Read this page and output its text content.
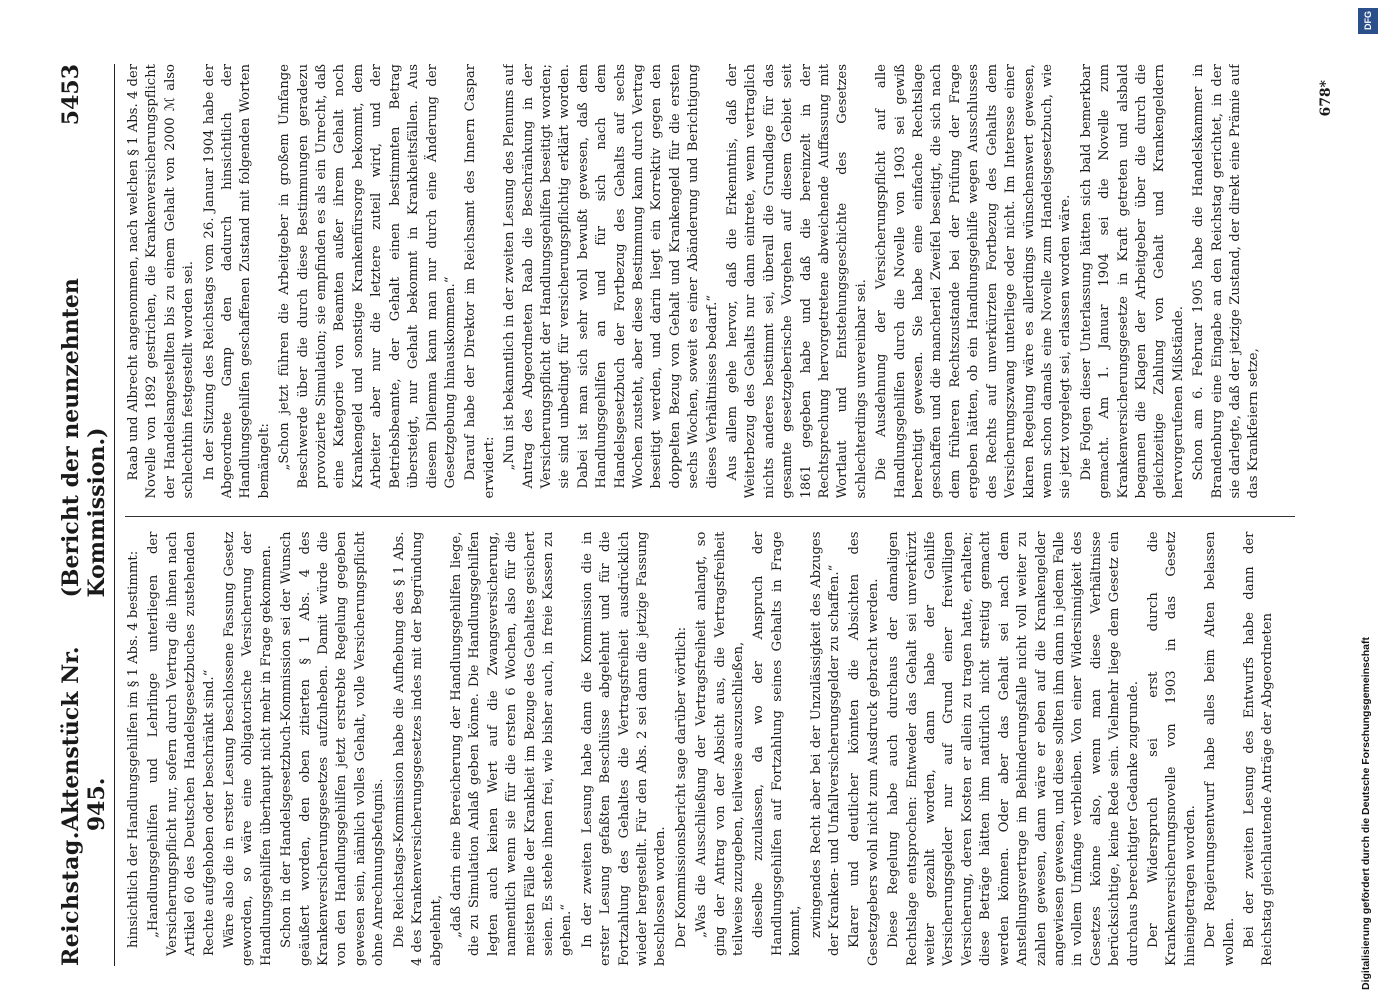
Reichstag.
Aktenstück Nr. 945.
(Bericht der neunzehnten Kommission.)
5453

hinsichtlich der Handlungsgehilfen im § 1 Abs. 4 bestimmt: „Handlungsgehilfen und Lehrlinge unterliegen der Versicherungspflicht nur, sofern durch Vertrag die ihnen nach Artikel 60 des Deutschen Handelsgesetzbuches zustehenden Rechte aufgehoben oder beschränkt sind.“ Wäre also die in erster Lesung beschlossene Fassung Gesetz geworden, so wäre eine obligatorische Versicherung der Handlungsgehilfen überhaupt nicht mehr in Frage gekommen. Schon in der Handelsgesetzbuch-Kommission sei der Wunsch geäußert worden, den oben zitierten § 1 Abs. 4 des Krankenversicherungsgesetzes aufzuheben. Damit würde die von den Handlungsgehilfen jetzt erstrebte Regelung gegeben gewesen sein, nämlich volles Gehalt, volle Versicherungspflicht ohne Anrechnungsbefugnis. Die Reichstags-Kommission habe die Aufhebung des § 1 Abs. 4 des Krankenversicherungsgesetzes indes mit der Begründung abgelehnt, „daß darin eine Bereicherung der Handlungsgehilfen liege, die zu Simulation Anlaß geben könne. Die Handlungsgehilfen legten auch keinen Wert auf die Zwangsversicherung, namentlich wenn sie für die ersten 6 Wochen, also für die meisten Fälle der Krankheit im Bezuge des Gehaltes gesichert seien. Es stehe ihnen frei, wie bisher auch, in freie Kassen zu gehen.“ In der zweiten Lesung habe dann die Kommission die in erster Lesung gefaßten Beschlüsse abgelehnt und für die Fortzahlung des Gehaltes die Vertragsfreiheit ausdrücklich wieder hergestellt. Für den Abs. 2 sei dann die jetzige Fassung beschlossen worden. Der Kommissionsbericht sage darüber wörtlich: „Was die Ausschließung der Vertragsfreiheit anlangt, so ging der Antrag von der Absicht aus, die Vertragsfreiheit teilweise zuzugeben, teilweise auszuschließen, dieselbe zuzulassen, da wo der Anspruch der Handlungsgehilfen auf Fortzahlung seines Gehalts in Frage kommt, zwingendes Recht aber bei der Unzulässigkeit des Abzuges der Kranken- und Unfallversicherungsgelder zu schaffen.“ Klarer und deutlicher könnten die Absichten des Gesetzgebers wohl nicht zum Ausdruck gebracht werden. Diese Regelung habe auch durchaus der damaligen Rechtslage entsprochen: Entweder das Gehalt sei unverkürzt weiter gezahlt worden, dann habe der Gehilfe Versicherungsgelder nur auf Grund einer freiwilligen Versicherung, deren Kosten er allein zu tragen hatte, erhalten; diese Beträge hätten ihm natürlich nicht streitig gemacht werden können. Oder aber das Gehalt sei nach dem Anstellungsvertrage im Behinderungsfalle nicht voll weiter zu zahlen gewesen, dann wäre er eben auf die Krankengelder angewiesen gewesen, und diese sollten ihm dann in jedem Falle in vollem Umfange verbleiben. Von einer Widersinnigkeit des Gesetzes könne also, wenn man diese Verhältnisse berücksichtige, keine Rede sein. Vielmehr liege dem Gesetz ein durchaus berechtigter Gedanke zugrunde. Der Widerspruch sei erst durch die Krankenversicherungsnovelle von 1903 in das Gesetz hineingetragen worden. Der Regierungsentwurf habe alles beim Alten belassen wollen. Bei der zweiten Lesung des Entwurfs habe dann der Reichstag gleichlautende Anträge der Abgeordneten

Raab und Albrecht angenommen, nach welchen § 1 Abs. 4 der Novelle von 1892 gestrichen, die Krankenversicherungspflicht der Handelsangestellten bis zu einem Gehalt von 2000 ℳ also schlechthin festgestellt worden sei. In der Sitzung des Reichstags vom 26. Januar 1904 habe der Abgeordnete Gamp den dadurch hinsichtlich der Handlungsgehilfen geschaffenen Zustand mit folgenden Worten bemängelt: „Schon jetzt führen die Arbeitgeber in großem Umfange Beschwerde über die durch diese Bestimmungen geradezu provozierte Simulation; sie empfinden es als ein Unrecht, daß eine Kategorie von Beamten außer ihrem Gehalt noch Krankengeld und sonstige Krankenfürsorge bekommt, dem Arbeiter aber nur die letztere zuteil wird, und der Betriebsbeamte, der Gehalt einen bestimmten Betrag übersteigt, nur Gehalt bekommt in Krankheitsfällen. Aus diesem Dilemma kann man nur durch eine Änderung der Gesetzgebung hinauskommen.“ Darauf habe der Direktor im Reichsamt des Innern Caspar erwidert: „Nun ist bekanntlich in der zweiten Lesung des Plenums auf Antrag des Abgeordneten Raab die Beschränkung in der Versicherungspflicht der Handlungsgehilfen beseitigt worden; sie sind unbedingt für versicherungspflichtig erklärt worden. Dabei ist man sich sehr wohl bewußt gewesen, daß dem Handlungsgehilfen an und für sich nach dem Handelsgesetzbuch der Fortbezug des Gehalts auf sechs Wochen zusteht, aber diese Bestimmung kann durch Vertrag beseitigt werden, und darin liegt ein Korrektiv gegen den doppelten Bezug von Gehalt und Krankengeld für die ersten sechs Wochen, soweit es einer Abänderung und Berichtigung dieses Verhältnisses bedarf.“ Aus allem gehe hervor, daß die Erkenntnis, daß der Weiterbezug des Gehalts nur dann eintrete, wenn vertraglich nichts anderes bestimmt sei, überall die Grundlage für das gesamte gesetzgeberische Vorgehen auf diesem Gebiet seit 1861 gegeben habe und daß die bereinzelt in der Rechtsprechung hervorgetretene abweichende Auffassung mit Wortlaut und Entstehungsgeschichte des Gesetzes schlechterdings unvereinbar sei. Die Ausdehnung der Versicherungspflicht auf alle Handlungsgehilfen durch die Novelle von 1903 sei gewiß berechtigt gewesen. Sie habe eine einfache Rechtslage geschaffen und die mancherlei Zweifel beseitigt, die sich nach dem früheren Rechtszustande bei der Prüfung der Frage ergeben hätten, ob ein Handlungsgehilfe wegen Ausschlusses des Rechts auf unverkürzten Fortbezug des Gehalts dem Versicherungszwang unterliege oder nicht. Im Interesse einer klaren Regelung wäre es allerdings wünschenswert gewesen, wenn schon damals eine Novelle zum Handelsgesetzbuch, wie sie jetzt vorgelegt sei, erlassen worden wäre. Die Folgen dieser Unterlassung hätten sich bald bemerkbar gemacht. Am 1. Januar 1904 sei die Novelle zum Krankenversicherungsgesetze in Kraft getreten und alsbald begannen die Klagen der Arbeitgeber über die durch die gleichzeitige Zahlung von Gehalt und Krankengeldern hervorgerufenen Mißstände. Schon am 6. Februar 1905 habe die Handelskammer in Brandenburg eine Eingabe an den Reichstag gerichtet, in der sie darlegte, daß der jetzige Zustand, der direkt eine Prämie auf das Krankfeiern setze,

678*
DFG
Digitalisierung gefördert durch die Deutsche Forschungsgemeinschaft
